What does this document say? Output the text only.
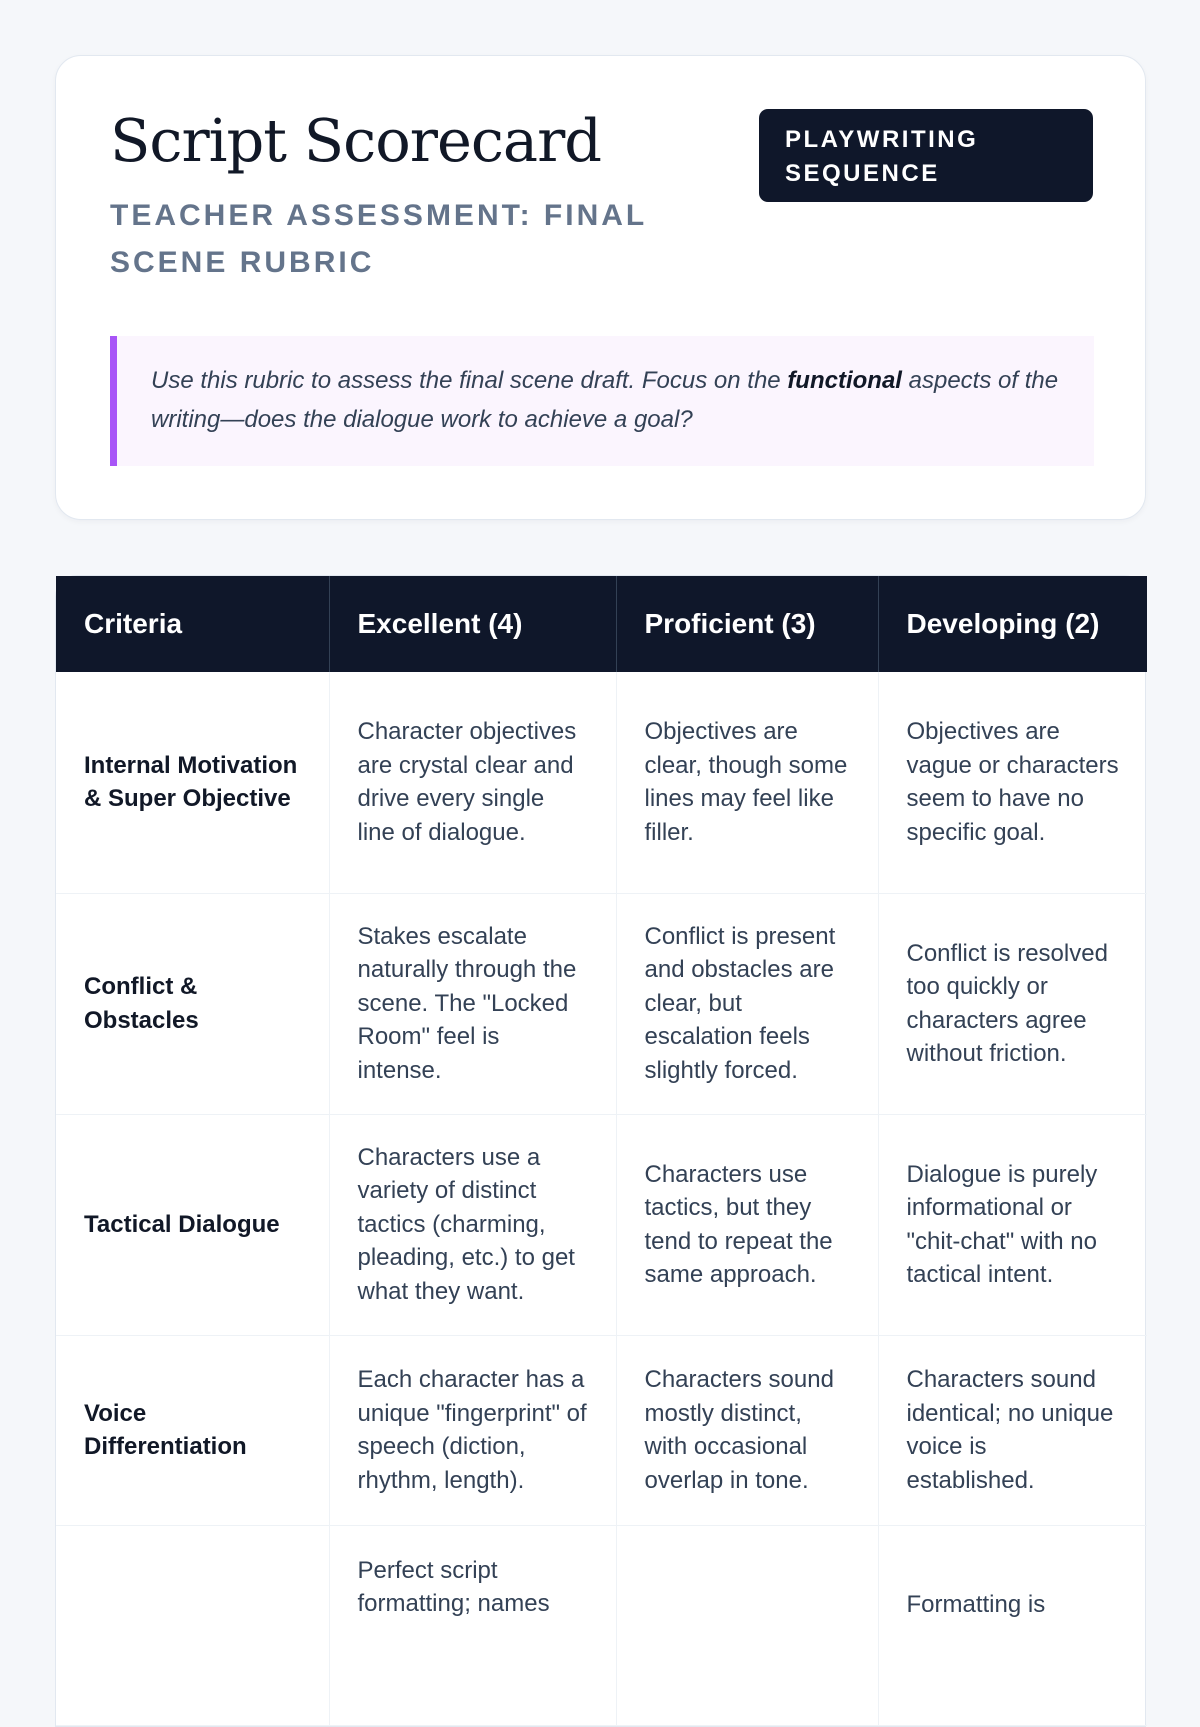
Script Scorecard
TEACHER ASSESSMENT: FINAL SCENE RUBRIC
PLAYWRITING SEQUENCE
Use this rubric to assess the final scene draft. Focus on the functional aspects of the writing—does the dialogue work to achieve a goal?
Criteria	Excellent (4)	Proficient (3)	Developing (2)
Internal Motivation & Super Objective	Character objectives are crystal clear and drive every single line of dialogue.	Objectives are clear, though some lines may feel like filler.	Objectives are vague or characters seem to have no specific goal.
Conflict & Obstacles	Stakes escalate naturally through the scene. The "Locked Room" feel is intense.	Conflict is present and obstacles are clear, but escalation feels slightly forced.	Conflict is resolved too quickly or characters agree without friction.
Tactical Dialogue	Characters use a variety of distinct tactics (charming, pleading, etc.) to get what they want.	Characters use tactics, but they tend to repeat the same approach.	Dialogue is purely informational or "chit-chat" with no tactical intent.
Voice Differentiation	Each character has a unique "fingerprint" of speech (diction, rhythm, length).	Characters sound mostly distinct, with occasional overlap in tone.	Characters sound identical; no unique voice is established.
	Perfect script formatting; names		Formatting is
